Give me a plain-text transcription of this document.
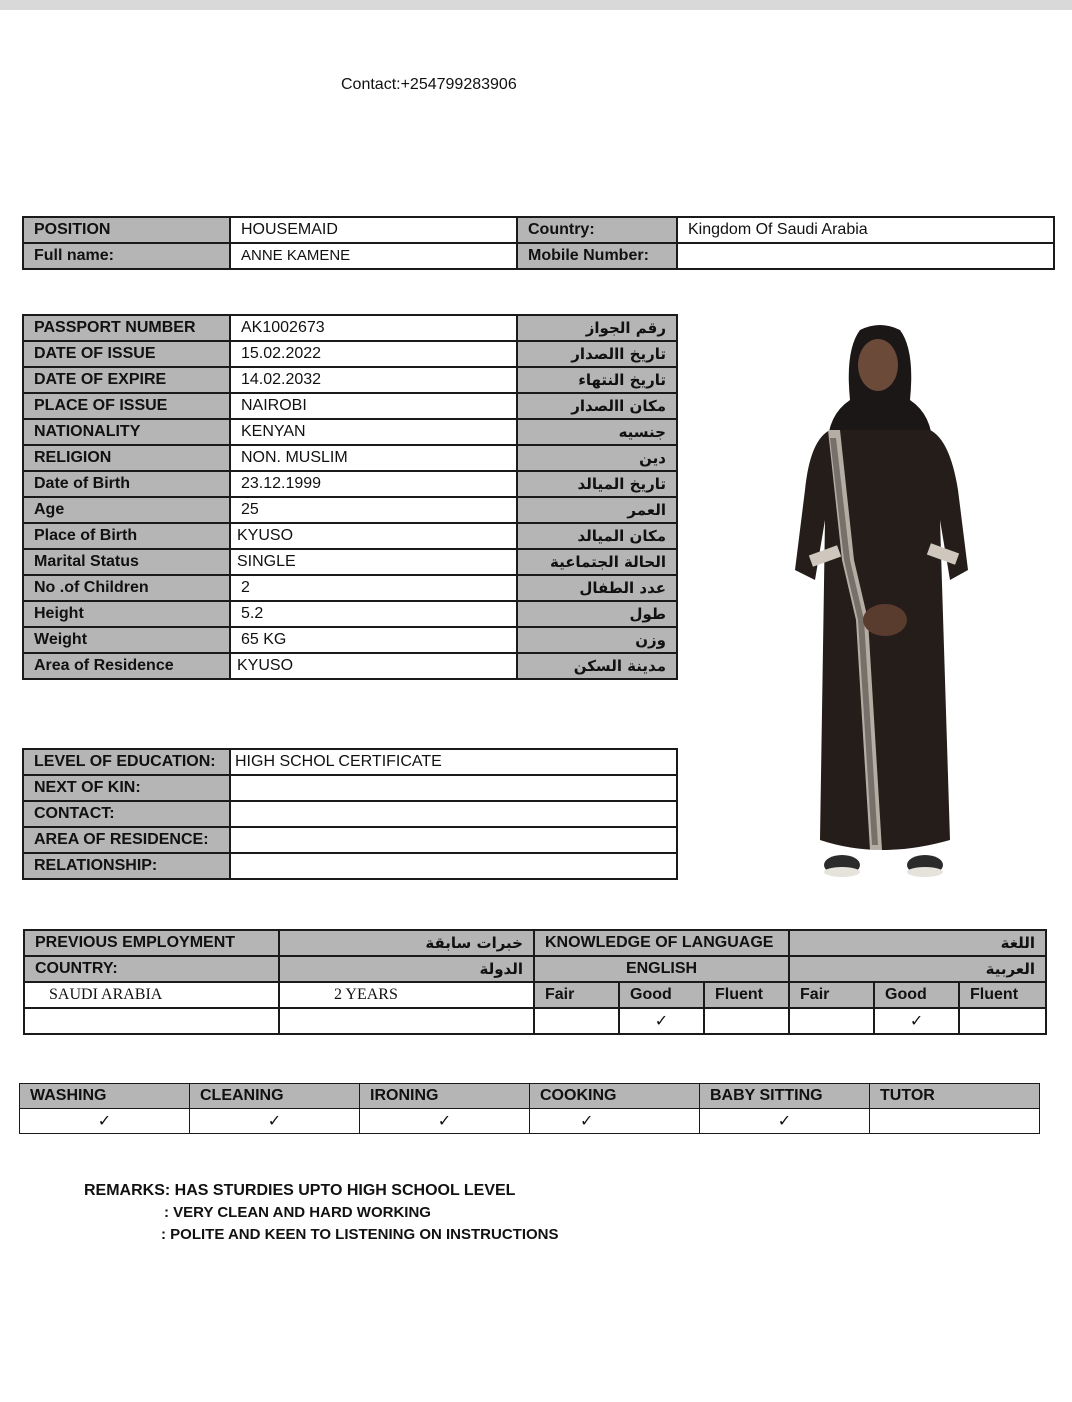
Contact:+254799283906
POSITION	HOUSEMAID	Country:	Kingdom Of Saudi Arabia
Full name:	ANNE KAMENE	Mobile Number:	
PASSPORT NUMBER	AK1002673	رقم الجواز
DATE OF ISSUE	15.02.2022	تاريخ االصدار
DATE OF EXPIRE	14.02.2032	تاريخ النتهاء
PLACE OF ISSUE	NAIROBI	مكان االصدار
NATIONALITY	KENYAN	جنسيه
RELIGION	NON. MUSLIM	دين
Date of Birth	23.12.1999	تاريخ الميالد
Age	25	العمر
Place of Birth	KYUSO	مكان الميالد
Marital Status	SINGLE	الحالة الجتماعية
No .of Children	2	عدد الطفال
Height	5.2	طول
Weight	65 KG	وزن
Area of Residence	KYUSO	مدينة السكن
LEVEL OF EDUCATION:	HIGH SCHOL CERTIFICATE
NEXT OF KIN:	
CONTACT:	
AREA OF RESIDENCE:	
RELATIONSHIP:	
PREVIOUS EMPLOYMENT	خبرات سابقة	KNOWLEDGE OF LANGUAGE			اللغة		
COUNTRY:	الدولة	ENGLISH			العربية		
SAUDI ARABIA	2 YEARS	Fair	Good	Fluent	Fair	Good	Fluent
			✓			✓	
WASHING	CLEANING	IRONING	COOKING	BABY SITTING	TUTOR
✓	✓	✓	✓	✓	
REMARKS: HAS STURDIES UPTO HIGH SCHOOL LEVEL
: VERY CLEAN AND HARD WORKING
: POLITE AND KEEN TO LISTENING ON INSTRUCTIONS
